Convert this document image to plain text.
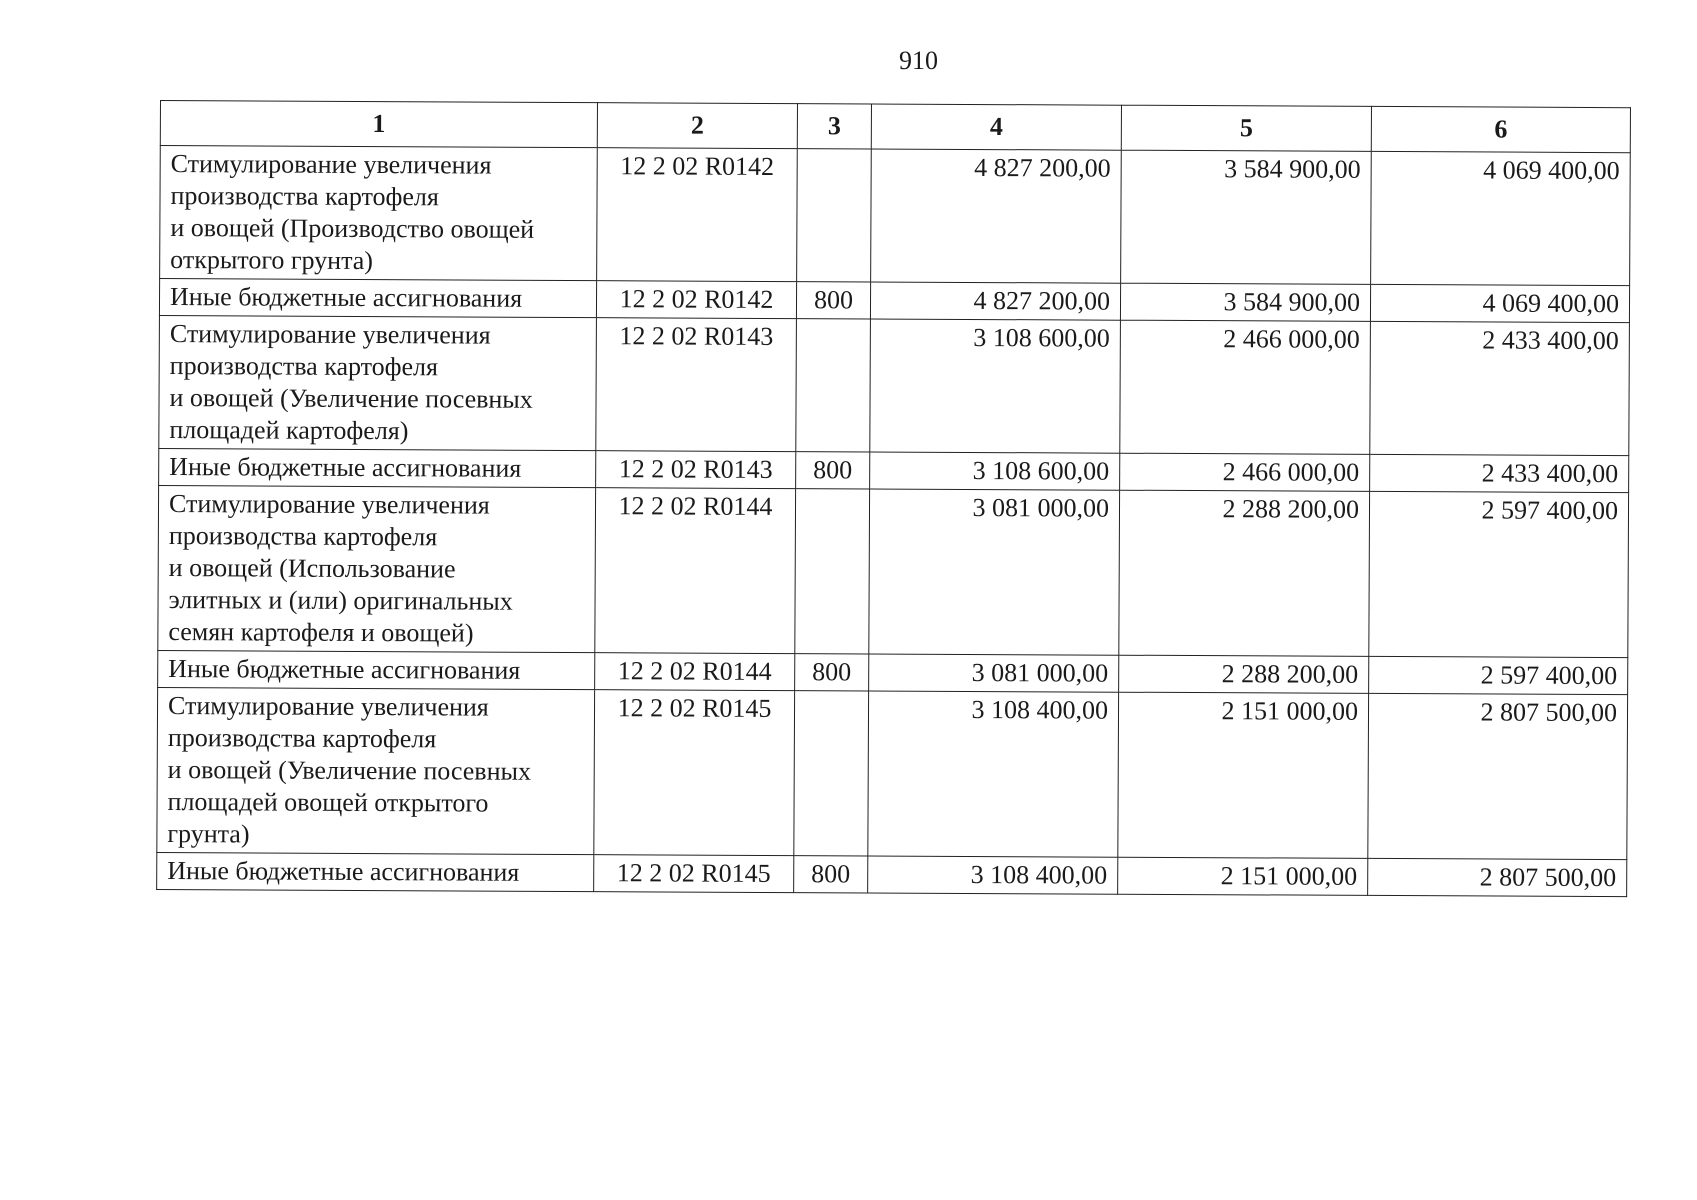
910
1	2	3	4	5	6

Стимулирование увеличения
производства картофеля
и овощей (Производство овощей
открытого грунта)	12 2 02 R0142		4 827 200,00	3 584 900,00	4 069 400,00

Иные бюджетные ассигнования	12 2 02 R0142	800	4 827 200,00	3 584 900,00	4 069 400,00

Стимулирование увеличения
производства картофеля
и овощей (Увеличение посевных
площадей картофеля)	12 2 02 R0143		3 108 600,00	2 466 000,00	2 433 400,00

Иные бюджетные ассигнования	12 2 02 R0143	800	3 108 600,00	2 466 000,00	2 433 400,00

Стимулирование увеличения
производства картофеля
и овощей (Использование
элитных и (или) оригинальных
семян картофеля и овощей)	12 2 02 R0144		3 081 000,00	2 288 200,00	2 597 400,00

Иные бюджетные ассигнования	12 2 02 R0144	800	3 081 000,00	2 288 200,00	2 597 400,00

Стимулирование увеличения
производства картофеля
и овощей (Увеличение посевных
площадей овощей открытого
грунта)	12 2 02 R0145		3 108 400,00	2 151 000,00	2 807 500,00

Иные бюджетные ассигнования	12 2 02 R0145	800	3 108 400,00	2 151 000,00	2 807 500,00
